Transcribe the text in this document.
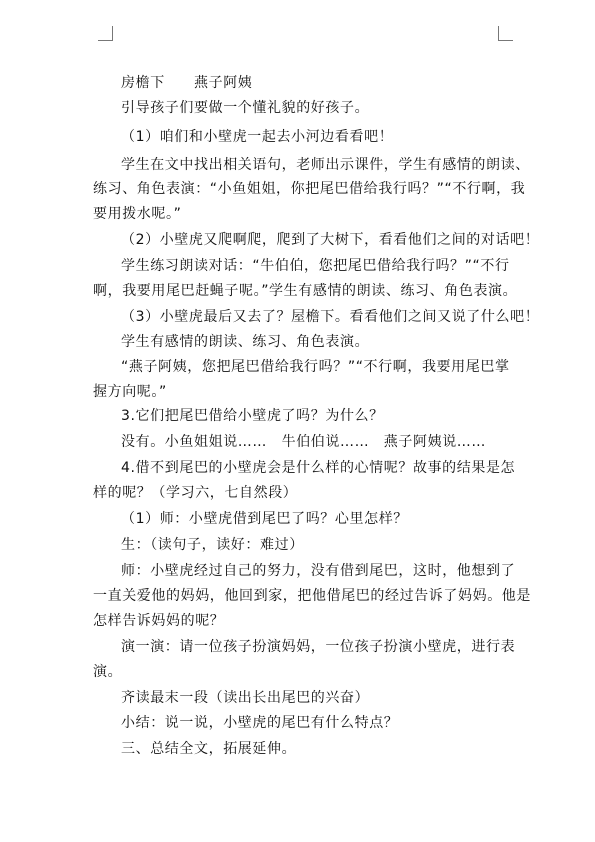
房檐下　　燕子阿姨
引导孩子们要做一个懂礼貌的好孩子。
（1）咱们和小壁虎一起去小河边看看吧！
学生在文中找出相关语句，老师出示课件，学生有感情的朗读、
练习、角色表演：“小鱼姐姐，你把尾巴借给我行吗？”“不行啊，我
要用拨水呢。”
（2）小壁虎又爬啊爬，爬到了大树下，看看他们之间的对话吧！
学生练习朗读对话：“牛伯伯，您把尾巴借给我行吗？”“不行
啊，我要用尾巴赶蝇子呢。”学生有感情的朗读、练习、角色表演。
（3）小壁虎最后又去了？屋檐下。看看他们之间又说了什么吧！
学生有感情的朗读、练习、角色表演。
“燕子阿姨，您把尾巴借给我行吗？”“不行啊，我要用尾巴掌
握方向呢。”
3.它们把尾巴借给小壁虎了吗？为什么？
没有。小鱼姐姐说……　牛伯伯说……　燕子阿姨说……
4.借不到尾巴的小壁虎会是什么样的心情呢？故事的结果是怎
样的呢？（学习六，七自然段）
（1）师：小壁虎借到尾巴了吗？心里怎样？
生：（读句子，读好：难过）
师：小壁虎经过自己的努力，没有借到尾巴，这时，他想到了
一直关爱他的妈妈，他回到家，把他借尾巴的经过告诉了妈妈。他是
怎样告诉妈妈的呢？
演一演：请一位孩子扮演妈妈，一位孩子扮演小壁虎，进行表
演。
齐读最末一段（读出长出尾巴的兴奋）
小结：说一说，小壁虎的尾巴有什么特点？
三、总结全文，拓展延伸。
